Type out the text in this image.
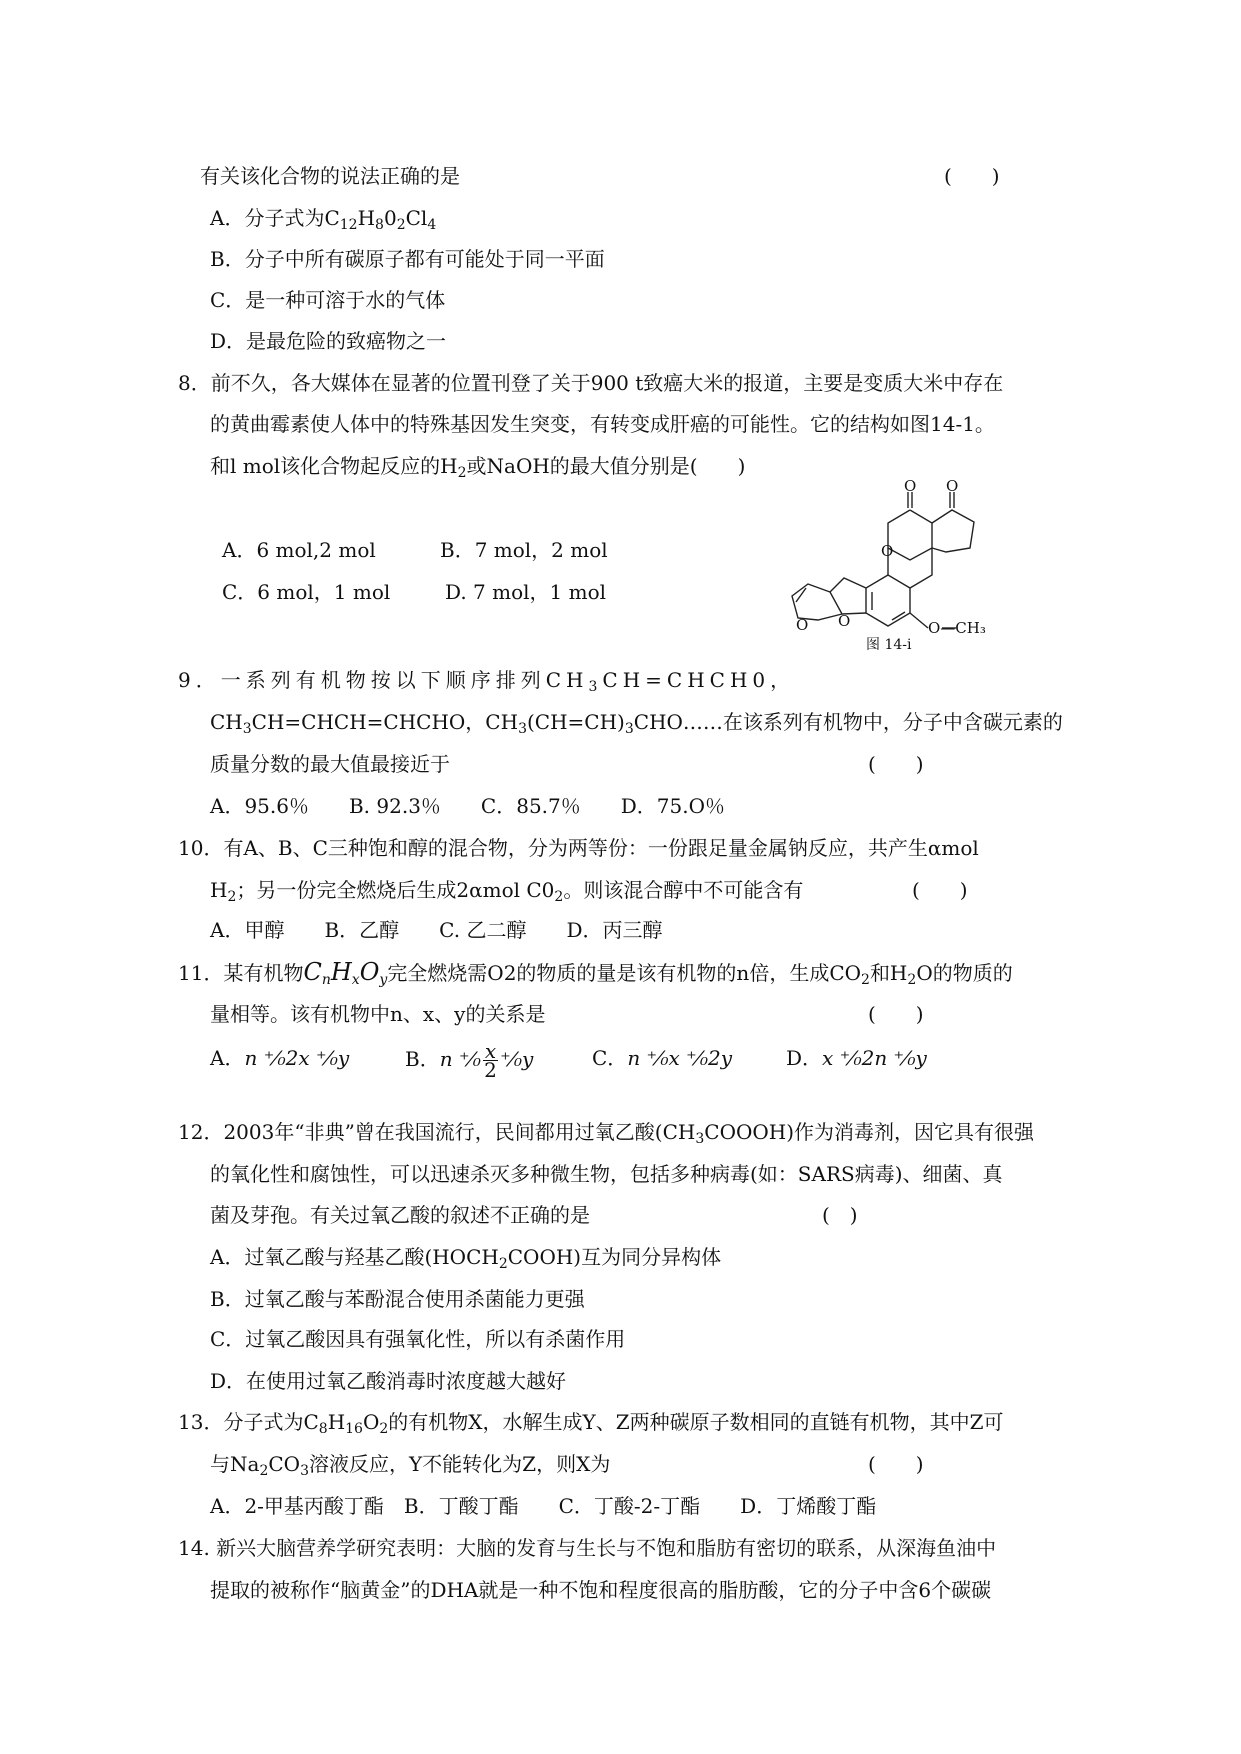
有关该化合物的说法正确的是	(　　)
A．分子式为$C_{12}H_80_2Cl_4$
B．分子中所有碳原子都有可能处于同一平面
C．是一种可溶于水的气体
D．是最危险的致癌物之一
8．前不久，各大媒体在显著的位置刊登了关于900 t致癌大米的报道，主要是变质大米中存在
的黄曲霉素使人体中的特殊基因发生突变，有转变成肝癌的可能性。它的结构如图14-1。
和l mol该化合物起反应的$H_2$或NaOH的最大值分别是(　　)
A．6 mol,2 mol	B．7 mol，2 mol
C．6 mol，1 mol	D. 7 mol，1 mol
O O
O
O O	O—CH₃
图 14-i
9．一系列有机物按以下顺序排列$CH_3CH=CHCH0$，
$CH_3CH=CHCH=CHCHO$，$CH_3(CH=CH)_3CHO\dots\dots$在该系列有机物中，分子中含碳元素的
质量分数的最大值最接近于	(　　)
A．95.6％　　B. 92.3％　　C．85.7％　　D．75.O％
10．有A、B、C三种饱和醇的混合物，分为两等份：一份跟足量金属钠反应，共产生αmol
$H_2$；另一份完全燃烧后生成2αmol $C0_2$。则该混合醇中不可能含有	(　　)
A．甲醇　　B．乙醇　　C. 乙二醇　　D．丙三醇
11．某有机物$C_nH_xO_y$完全燃烧需O2的物质的量是该有机物的n倍，生成$CO_2$和$H_2O$的物质的
量相等。该有机物中n、x、y的关系是	(　　)
A．n ⁺⁄₀2x ⁺⁄₀y	B．n ⁺⁄₀ $\frac{x}{2}$ ⁺⁄₀y	C．n ⁺⁄₀x ⁺⁄₀2y	D．x ⁺⁄₀2n ⁺⁄₀y
12．2003年“非典”曾在我国流行，民间都用过氧乙酸$(CH_3COOOH)$作为消毒剂，因它具有很强
的氧化性和腐蚀性，可以迅速杀灭多种微生物，包括多种病毒(如：SARS病毒)、细菌、真
菌及芽孢。有关过氧乙酸的叙述不正确的是	(　)
A．过氧乙酸与羟基乙酸$(HOCH_2COOH)$互为同分异构体
B．过氧乙酸与苯酚混合使用杀菌能力更强
C．过氧乙酸因具有强氧化性，所以有杀菌作用
D．在使用过氧乙酸消毒时浓度越大越好
13．分子式为$C_8H_{16}O_2$的有机物X，水解生成Y、Z两种碳原子数相同的直链有机物，其中Z可
与$Na_2CO_3$溶液反应，Y不能转化为Z，则X为	(　　)
A．2-甲基丙酸丁酯　B．丁酸丁酯　　C．丁酸-2-丁酯　　D．丁烯酸丁酯
14. 新兴大脑营养学研究表明：大脑的发育与生长与不饱和脂肪有密切的联系，从深海鱼油中
提取的被称作“脑黄金”的DHA就是一种不饱和程度很高的脂肪酸，它的分子中含6个碳碳
